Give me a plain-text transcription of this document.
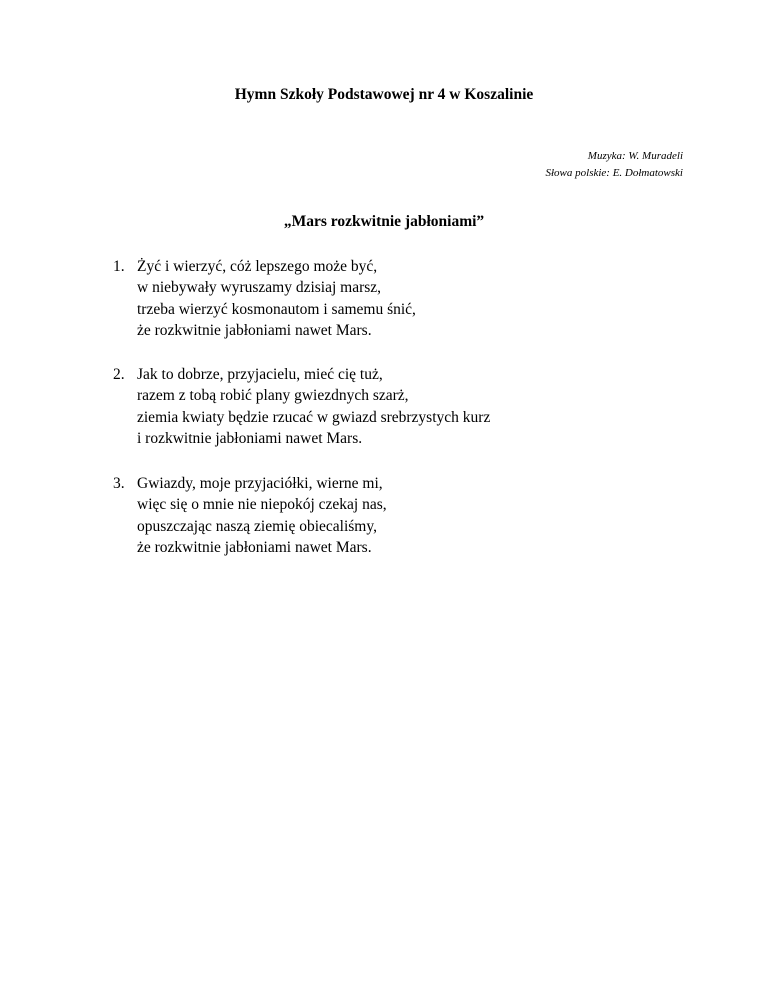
Hymn Szkoły Podstawowej nr 4 w Koszalinie
Muzyka: W. Muradeli
Słowa polskie: E. Dołmatowski
„Mars rozkwitnie jabłoniami”
1. Żyć i wierzyć, cóż lepszego może być,
w niebywały wyruszamy dzisiaj marsz,
trzeba wierzyć kosmonautom i samemu śnić,
że rozkwitnie jabłoniami nawet Mars.
2. Jak to dobrze, przyjacielu, mieć cię tuż,
razem z tobą robić plany gwiezdnych szarż,
ziemia kwiaty będzie rzucać w gwiazd srebrzystych kurz
i rozkwitnie jabłoniami nawet Mars.
3. Gwiazdy, moje przyjaciółki, wierne mi,
więc się o mnie nie niepokój czekaj nas,
opuszczając naszą ziemię obiecaliśmy,
że rozkwitnie jabłoniami nawet Mars.
